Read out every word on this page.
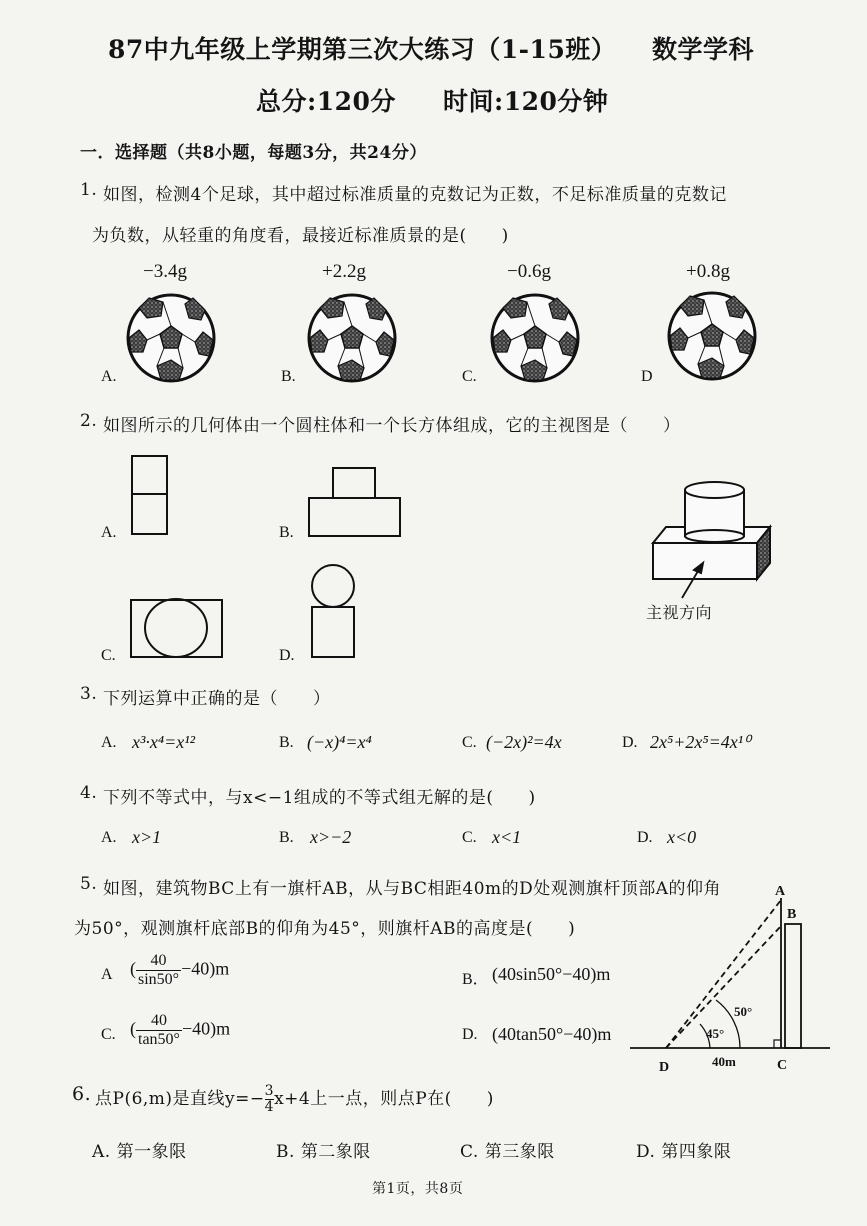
87中九年级上学期第三次大练习（1-15班） 数学学科
总分:120分 时间:120分钟
一．选择题（共8小题，每题3分，共24分）
1. 如图，检测4个足球，其中超过标准质量的克数记为正数，不足标准质量的克数记
为负数，从轻重的角度看，最接近标准质景的是(　　)
−3.4g	+2.2g	−0.6g	+0.8g
A.	B.	C.	D
2. 如图所示的几何体由一个圆柱体和一个长方体组成，它的主视图是（　　）
A.	B.
C.	D.
主视方向
3. 下列运算中正确的是（　　）
A. x³·x⁴=x¹²	B. (−x)⁴=x⁴	C. (−2x)²=4x	D. 2x⁵+2x⁵=4x¹⁰
4. 下列不等式中，与x<−1组成的不等式组无解的是(　　)
A. x>1	B. x>−2	C. x<1	D. x<0
5. 如图，建筑物BC上有一旗杆AB，从与BC相距40m的D处观测旗杆顶部A的仰角
为50°，观测旗杆底部B的仰角为45°，则旗杆AB的高度是(　　)
A ( $\frac{40}{\sin 50^\circ} -40)m$
B． (40sin50°−40)m
C. ( $\frac{40}{\tan 50^\circ} -40)m$	D. (40tan50°−40)m
A
B
C
D	40m
50°
45°
6. 点P(6,m)是直线$y=- \frac{3}{4}x+4$上一点，则点P在(　　)
A. 第一象限	B. 第二象限	C. 第三象限	D. 第四象限
第1页，共8页
